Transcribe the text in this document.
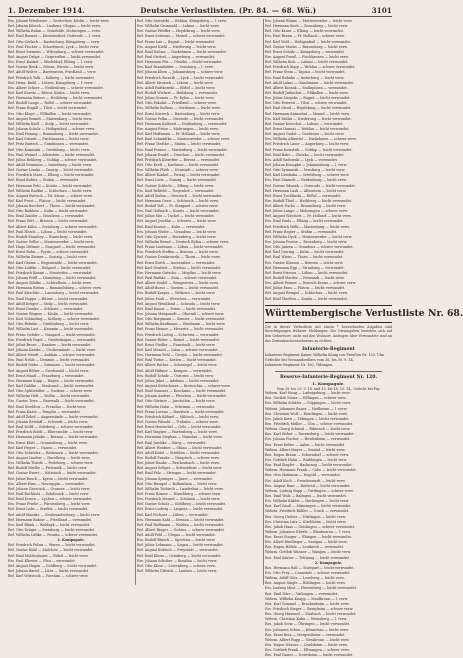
1. Dezember 1914.	Deutsche Verlustlisten. (Pr. 84. — 68. Wü.)	3101
Ers. Johann Wiesbauer — Gentschow, Köslin — leicht verw.
Ref. Johann Kürsch — Laubenz, Glogau — leicht verw.
Ref. Wilhelm Ruhm — Grünfelde, Mohrungen — verw.
Ref. Emil Riemer — Kirsteinsdorf, Osterode — l. verw.
Ref. Otto Gerlach — Rastenburg, Königsberg — verw.
Ers. Paul Fischer — Scharfenort, Lyck — leicht verw.
Ref. Ernst Siemens — Wittenburg — schwer verwundet.
Ref. August Dröge — Ostpreußen — leicht verwundet.
Ers. Ernst Kunkel — Wiefeldorf, Elbing — l. verw.
Ref. Gustav Renk — Polenz, Wirsitz — leicht verw.
Ref. Adolf Wolter — Bartenstein, Friedland — verw.
Ref. Friedrich Tolk — Kolberg — leicht verwundet.
Ref. Heinr. Biehl — Lötzen, Königsberg — l. verw.
Ers. Albert Schorr — Neidenburg — schwer verwundet.
Ref. Karl Kewitz — Bütow, Köslin — leicht verw.
Ref. Hermann Bräuer — Heilsberg — leicht verwundet.
Ref. Rudolf Lange — Rößel — schwer verwundet.
Ref. Franz Rogall — Tilsit — leicht verwundet.
Ers. Otto Kluge — Pillkallen — leicht verwundet.
Ref. August Brandt — Marienburg — leicht verw.
Ref. Wilhelm Kroll — Stolp — leicht verwundet.
Ref. Johann Schulz — Heiligenbeil — schwer verw.
Ers. Emil Hennig — Braunsberg — leicht verwundet.
Ref. Karl Gutzeit — Fischhausen — leicht verw.
Ref. Fritz Bartsch — Gumbinnen — verwundet.
Ref. Otto Kaminski — Ortelsburg — leicht verw.
Ers. Paul Wenzel — Allenstein — leicht verwundet.
Ref. Julius Rehberg — Goldap — schwer verwundet.
Ref. Adolf Neumann — Insterburg — leicht verw.
Ref. Gustav Lemke — Danzig — leicht verwundet.
Ers. Friedrich Marx — Elbing — leicht verwundet.
Ref. Ernst Kubitz — Stuhm — verwundet.
Ref. Hermann Pohl — Konitz — leicht verwundet.
Ref. Wilhelm Radtke — Schlochau — leicht verw.
Ers. August Paetsch — Dt. Krone — schwer verw.
Ref. Karl Frost — Flatow — leicht verwundet.
Ref. Johann Borchert — Thorn — leicht verwundet.
Ref. Otto Raddatz — Kulm — leicht verwundet.
Ers. Emil Zander — Graudenz — verwundet.
Ref. Franz Witt — Briesen — leicht verwundet.
Ref. Albert Kühn — Strasburg — schwer verwundet.
Ref. Paul Nitsch — Löbau — leicht verwundet.
Ers. Rudolf Manthey — Rosenberg — leicht verw.
Ref. Gustav Sellin — Marienwerder — leicht verw.
Ref. Hugo Dittmer — Stargard — leicht verwundet.
Ref. Ernst Bohn — Pyritz — schwer verwundet.
Ers. Wilhelm Ziemer — Saatzig — leicht verw.
Ref. Karl Grams — Regenwalde — leicht verwundet.
Ref. Otto Lüdtke — Belgard — leicht verwundet.
Ref. Friedrich Kanne — Neustettin — verwundet.
Ers. Johann Prüß — Dramburg — leicht verwundet.
Ref. August Zühlke — Schivelbein — leicht verw.
Ref. Hermann Ristau — Rummelsburg — schwer verw.
Ref. Paul Kirschke — Lauenburg — leicht verwundet.
Ers. Emil Hoppe — Bütow — leicht verwundet.
Ref. Adolf Krüger — Stolp — leicht verwundet.
Ref. Ernst Dumke — Schlawe — verwundet.
Ref. Gustav Wegner — Köslin — leicht verwundet.
Ers. Karl Schmeling — Kolberg — schwer verwundet.
Ref. Otto Behnke — Greifenberg — leicht verw.
Ref. Wilhelm Last — Kammin — leicht verwundet.
Ref. Franz Gehrke — Naugard — leicht verwundet.
Ers. Friedrich Pagel — Greifenhagen — verwundet.
Ref. Julius Brose — Randow — leicht verwundet.
Ref. Johann Kamke — Ueckermünde — leicht verw.
Ref. Albert Wendt — Anklam — schwer verwundet.
Ers. Paul Nehls — Demmin — leicht verwundet.
Ref. Rudolf Stübe — Grimmen — leicht verwundet.
Ref. August Bölter — Greifswald — leicht verw.
Ref. Ernst Maaß — Franzburg — verwundet.
Ers. Hermann Kopp — Rügen — leicht verwundet.
Ref. Karl Dahlke — Stralsund — leicht verwundet.
Ref. Otto Splittstößer — Usedom — schwer verw.
Ref. Wilhelm Höft — Wollin — leicht verwundet.
Ers. Gustav Tews — Pasewalk — leicht verwundet.
Ref. Emil Strehlow — Prenzlau — leicht verw.
Ref. Franz Kaatz — Templin — verwundet.
Ref. Adolf Zabel — Angermünde — leicht verwundet.
Ers. Johann Retzlaff — Schwedt — leicht verw.
Ref. Paul Wolff — Oderberg — schwer verwundet.
Ref. Friedrich Boldt — Eberswalde — leicht verw.
Ref. Hermann Jahnke — Bernau — leicht verwundet.
Ers. Ernst Klatt — Oranienburg — leicht verw.
Ref. Karl Pieper — Nauen — verwundet.
Ref. Otto Schröder — Rathenow — leicht verwundet.
Ref. August Lindow — Havelberg — leicht verw.
Ers. Wilhelm Thiede — Perleberg — schwer verw.
Ref. Rudolf Mielke — Pritzwalk — leicht verw.
Ref. Gustav Ewert — Wittstock — leicht verwundet.
Ref. Julius Rusch — Kyritz — leicht verwundet.
Ers. Albert Hinz — Neuruppin — verwundet.
Ref. Johann Gnewuch — Gransee — leicht verw.
Ref. Paul Buchholz — Zehdenick — leicht verw.
Ref. Emil Dorow — Lychen — schwer verwundet.
Ers. Franz Priebe — Fürstenberg — leicht verw.
Ref. Ernst Labs — Strelitz — leicht verwundet.
Ref. Adolf Manzke — Neubrandenburg — leicht verw.
Ref. Hermann Rakow — Friedland — verwundet.
Ers. Karl Blank — Woldegk — leicht verwundet.
Ref. Otto Dräger — Strasburg — leicht verwundet.
Ref. Wilhelm Lübke — Penzlin — schwer verwundet.
3. Kompagnie.
Ref. Friedrich Polzin — Waren — leicht verwundet.
Ref. Gustav Kühl — Malchow — leicht verwundet.
Ref. Emil Moldenhauer — Röbel — leicht verw.
Ers. Paul Kliewer — Plau — verwundet.
Ref. August Hagen — Goldberg — leicht verwundet.
Ref. Johann Bartel — Lübz — leicht verwundet.
Ref. Karl Wittstock — Parchim — schwer verw.
Ref. Otto Sawatzki — Wehlau, Königsberg — l. verw.
Ers. Wilhelm Grunwald — Labiau — leicht verw.
Ref. Gustav Pfeiffer — Heydekrug — leicht verw.
Ref. Ernst Schwarz — Memel — schwer verwundet.
Ref. Franz Lau — Ragnit — leicht verwundet.
Ers. August Kiehl — Niederung — leicht verw.
Ref. Emil Dahms — Darkehmen — leicht verwundet.
Ref. Paul Stritzel — Angerburg — verwundet.
Ref. Hermann Pilz — Oletzko — leicht verwundet.
Ers. Karl Brandstäter — Sensburg — l. verw.
Ref. Johann Klein — Johannisburg — schwer verw.
Ref. Friedrich Zerrath — Lyck — leicht verwundet.
Ref. Albert Mrotzek — Lötzen — leicht verw.
Ers. Adolf Ruttkowski — Rößel — leicht verw.
Ref. Rudolf Wichert — Heilsberg — verwundet.
Ref. Julius Gronau — Pr. Eylau — leicht verw.
Ref. Otto Pakulat — Friedland — schwer verw.
Ers. Wilhelm Ballnus — Gerdauen — leicht verw.
Ref. Ernst Kurreck — Rastenburg — leicht verw.
Ref. Gustav Pelka — Osterode — leicht verwundet.
Ref. Hermann Kallweit — Neidenburg — verwundet.
Ers. August Fröse — Mohrungen — leicht verw.
Ref. Karl Hoffmann — Pr. Holland — leicht verw.
Ref. Paul Schmidtke — Marienwerder — schwer verw.
Ref. Franz Tiedtke — Stuhm — leicht verwundet.
Ers. Emil Penner — Marienburg — leicht verwundet.
Ref. Johann Ewald — Dirschau — leicht verwundet.
Ref. Friedrich Klawitter — Berent — verwundet.
Ref. Otto Kreft — Karthaus — leicht verwundet.
Ers. Wilhelm Plath — Neustadt — schwer verw.
Ref. Albert Konkel — Putzig — leicht verwundet.
Ref. Ernst Lietz — Danzig — leicht verwundet.
Ref. Gustav Schlicht — Elbing — leicht verw.
Ers. Karl Rehfeld — Tiegenhof — verwundet.
Ref. Adolf Ziehm — Neuteich — leicht verwundet.
Ref. Hermann Graw — Schöneck — leicht verw.
Ref. Rudolf Voß — Pr. Stargard — schwer verw.
Ers. Paul Gollnick — Konitz — leicht verwundet.
Ref. Julius Mix — Tuchel — leicht verwundet.
Ref. August Jeschke — Schwetz — leicht verw.
Ref. Emil Krause — Kulm — verwundet.
Ers. Johann Wiebe — Graudenz — leicht verw.
Ref. Otto Zywietz — Rosenberg — leicht verw.
Ref. Wilhelm Bernd — Deutsch Eylau — schwer verw.
Ref. Franz Lindenau — Löbau — leicht verwundet.
Ers. Friedrich Steffen — Briesen — leicht verw.
Ref. Gustav Dombrowski — Thorn — leicht verw.
Ref. Ernst Korth — Inowrazlaw — verwundet.
Ref. Karl Neubert — Strelno — leicht verwundet.
Ers. Hermann Gutsche — Mogilno — leicht verw.
Ref. Paul Rathke — Znin — schwer verwundet.
Ref. Albert Seidel — Wongrowitz — leicht verw.
Ref. Adolf Busse — Gnesen — leicht verwundet.
Ers. Rudolf Kasper — Witkowo — leicht verw.
Ref. Julius Pauli — Wreschen — verwundet.
Ref. August Wendland — Schroda — leicht verw.
Ref. Emil Kaiser — Posen — leicht verwundet.
Ers. Johann Marquardt — Obornik — schwer verw.
Ref. Otto Bergmann — Samter — leicht verwundet.
Ref. Wilhelm Kaufmann — Birnbaum — leicht verw.
Ref. Franz Heinze — Meseritz — leicht verwundet.
Ers. Friedrich Liebig — Schwerin — verwundet.
Ref. Gustav Ritter — Bomst — leicht verwundet.
Ref. Ernst Fiedler — Fraustadt — leicht verw.
Ref. Karl Menzel — Lissa — schwer verwundet.
Ers. Hermann Pohl — Gostyn — leicht verwundet.
Ref. Paul Tietze — Kosten — leicht verwundet.
Ref. Albert Rother — Schmiegel — leicht verw.
Ref. Adolf Hübner — Kempen — verwundet.
Ers. Rudolf Scholz — Ostrowo — leicht verw.
Ref. Julius Jäkel — Adelnau — leicht verwundet.
Ref. August Kretschmer — Krotoschin — schwer verw.
Ref. Emil Sommer — Koschmin — leicht verwundet.
Ers. Johann Anders — Pleschen — leicht verwundet.
Ref. Otto Gärtner — Jarotschin — leicht verw.
Ref. Wilhelm Hahn — Schrimm — verwundet.
Ref. Franz Lorenz — Rawitsch — leicht verwundet.
Ers. Friedrich Kühnel — Militsch — leicht verw.
Ref. Gustav Pätzold — Trebnitz — schwer verw.
Ref. Ernst Hentschel — Oels — leicht verwundet.
Ref. Karl Wagner — Wartenberg — leicht verw.
Ers. Hermann Stephan — Namslau — leicht verw.
Ref. Paul Jaschke — Brieg — verwundet.
Ref. Albert Weidner — Ohlau — leicht verwundet.
Ref. Adolf Kittel — Strehlen — leicht verwundet.
Ers. Rudolf Franke — Nimptsch — schwer verw.
Ref. Julius Hanke — Reichenbach — leicht verw.
Ref. August Seliger — Schweidnitz — leicht verw.
Ref. Emil Pelz — Striegau — leicht verwundet.
Ers. Johann Springer — Jauer — verwundet.
Ref. Otto Hampel — Bolkenhain — leicht verw.
Ref. Wilhelm Tschirch — Landeshut — leicht verw.
Ref. Franz Rösner — Hirschberg — schwer verw.
Ers. Friedrich Menzel — Schönau — leicht verw.
Ref. Gustav Scholz — Goldberg — leicht verwundet.
Ref. Ernst Ludwig — Liegnitz — leicht verwundet.
Ref. Karl Fechner — Lüben — verwundet.
Ers. Hermann Kahl — Steinau — leicht verwundet.
Ref. Paul Hoffmann — Wohlau — leicht verwundet.
Ref. Albert Rieger — Guhrau — schwer verwundet.
Ref. Adolf Pohl — Glogau — leicht verwundet.
Ers. Rudolf Bärsch — Sprottau — leicht verw.
Ref. Julius Lehmann — Sagan — leicht verwundet.
Ref. August Kubisch — Freystadt — verwundet.
Ref. Emil Kliem — Grünberg — leicht verwundet.
Ers. Johann Schober — Bunzlau — leicht verw.
Ref. Otto Klose — Löwenberg — schwer verw.
Ref. Wilhelm Dittrich — Lauban — leicht verw.
Ers. Johann Blume — Marienwerder — leicht verw.
Ref. Hermann Koch — Rosenberg — leicht verw.
Ref. Otto Kruse — Elbing — leicht verwundet.
Ers. Paul Braun — Pr. Holland — schwer verw.
Ref. Karl Wolf — Heiligenbeil — leicht verwundet.
Ref. Gustav Marks — Braunsberg — leicht verw.
Ref. Ernst Schulz — Königsberg — verwundet.
Ers. August Preuß — Fischhausen — leicht verw.
Ref. Wilhelm Bolz — Labiau — leicht verwundet.
Ref. Friedrich Kopp — Wehlau — schwer verwundet.
Ref. Franz Stein — Tapiau — leicht verwundet.
Ers. Emil Ruhnke — Insterburg — leicht verw.
Ref. Adolf Lukat — Gumbinnen — leicht verwundet.
Ref. Albert Kossak — Stallupönen — verwundet.
Ref. Rudolf Jurkschat — Pillkallen — leicht verw.
Ers. Julius Naujoks — Ragnit — leicht verwundet.
Ref. Otto Petereit — Tilsit — schwer verwundet.
Ref. Paul Girod — Heydekrug — leicht verwundet.
Ref. Hermann Szameitat — Memel — leicht verw.
Ers. Karl Wallat — Niederung — leicht verwundet.
Ref. Gustav Kurschat — Labiau — verwundet.
Ref. Ernst Dannat — Wehlau — leicht verwundet.
Ref. August Gudat — Gerdauen — leicht verw.
Ers. Wilhelm Albrecht — Darkehmen — schwer verw.
Ref. Friedrich Laser — Angerburg — leicht verw.
Ref. Franz Kowalzik — Goldap — leicht verwundet.
Ref. Emil Bahr — Oletzko — leicht verwundet.
Ers. Adolf Sadowski — Lyck — verwundet.
Ref. Johann Konopka — Johannisburg — l. verw.
Ref. Otto Symanzik — Sensburg — leicht verw.
Ref. Karl Dziobaka — Ortelsburg — schwer verw.
Ers. Paul Zimmek — Neidenburg — leicht verw.
Ref. Gustav Sdunek — Osterode — leicht verwundet.
Ref. Hermann Lask — Allenstein — leicht verw.
Ref. Ernst Tuchlinski — Rößel — verwundet.
Ers. Rudolf Thiel — Heilsberg — leicht verwundet.
Ref. Albert Fuchs — Braunsberg — leicht verw.
Ref. Julius Lange — Mohrungen — schwer verw.
Ref. August Wiechert — Pr. Holland — leicht verw.
Ers. Emil Pauls — Elbing — leicht verwundet.
Ref. Friedrich Wölk — Marienburg — leicht verw.
Ref. Franz Regier — Stuhm — verwundet.
Ref. Wilhelm Dyck — Marienwerder — leicht verw.
Ers. Johann Froese — Rosenberg — leicht verw.
Ref. Otto Janzen — Graudenz — schwer verwundet.
Ref. Karl Quiring — Kulm — leicht verwundet.
Ref. Paul Wiens — Thorn — leicht verwundet.
Ers. Gustav Klassen — Briesen — leicht verw.
Ref. Hermann Epp — Strasburg — verwundet.
Ref. Ernst Friesen — Löbau — leicht verwundet.
Ref. Rudolf Harder — Neumark — leicht verw.
Ers. Albert Penner — Deutsch Krone — schwer verw.
Ref. Julius Enns — Flatow — leicht verwundet.
Ref. August Rempel — Schlochau — leicht verw.
Ref. Emil Thießen — Konitz — leicht verwundet.
Württembergische Verlustliste Nr. 68.
Die in dieser Verlustliste mit einem * bezeichneten Angaben sind Berichtigungen früherer Meldungen. Die Ortsangaben beziehen sich auf den Geburtsort, nicht auf den Wohnort. Anfragen über Verwundete sind an das Zentralnachweisebureau zu richten.
Infanterie-Regiment
Infanterie-Regiment Kaiser Wilhelm König von Preußen Nr. 120, Ulm.
Gefechte bei Vermandovillers vom 26. bis 30. 9. 14.
Infanterie-Regiment Nr. 180, Tübingen.
Reserve-Infanterie-Regiment Nr. 120.
1. Kompagnie.
Vom 28. bis 29. 9. 14. und 15. bis 18. 10. 14., Gefecht bei Fay.
Wehrm. Karl Haug — Ludwigsburg — leicht verw.
Res. Gottlob Maier — Eßlingen — schwer verw.
Ers. Wilhelm Schäfer — Göppingen — leicht verw.
Wehrm. Johannes Bauer — Heilbronn — l. verw.
Res. Christian Wolf — Reutlingen — leicht verw.
Ers. Jakob Kern — Tübingen — leicht verwundet.
Res. Friedrich Müller — Ulm — schwer verwundet.
Wehrm. Georg Schmid — Biberach — leicht verw.
Res. Karl Weber — Ravensburg — leicht verwundet.
Ers. Johann Fischer — Heidenheim — verwundet.
Res. Ernst Keller — Aalen — leicht verwundet.
Wehrm. Albert Mayer — Gmünd — leicht verw.
Res. Eugen Braun — Schorndorf — schwer verw.
Ers. Gottlieb Hahn — Waiblingen — leicht verw.
Res. Paul Ziegler — Backnang — leicht verwundet.
Wehrm. Hermann Frank — Calw — leicht verwundet.
Res. Otto Hofmann — Nagold — verwundet.
Ers. Adolf Koch — Freudenstadt — leicht verw.
Res. August Baur — Rottweil — leicht verwundet.
Wehrm. Ludwig Rapp — Tuttlingen — schwer verw.
Res. Emil Walz — Balingen — leicht verwundet.
Ers. Wilhelm Kübler — Hechingen — leicht verw.
Res. Karl Gauß — Münsingen — leicht verwundet.
Wehrm. Friedrich Bühler — Urach — verwundet.
Res. Georg Dreher — Nürtingen — leicht verw.
Ers. Christian Lutz — Kirchheim — leicht verw.
Res. Jakob Haas — Geislingen — schwer verwundet.
Wehrm. Johannes Eberle — Blaubeuren — l. verw.
Res. Ernst Staiger — Ehingen — leicht verwundet.
Ers. Albert Riedlinger — Saulgau — leicht verw.
Res. Eugen Häfele — Leutkirch — verwundet.
Wehrm. Gottlob Wanner — Wangen — leicht verw.
Res. Paul Sauter — Tettnang — leicht verwundet.
2. Kompagnie.
Res. Hermann Rall — Stuttgart — leicht verwundet.
Ers. Otto Frey — Cannstatt — schwer verwundet.
Wehrm. Adolf Götz — Leonberg — leicht verw.
Res. August Single — Böblingen — leicht verw.
Ers. Ludwig Mast — Herrenberg — leicht verwundet.
Res. Emil Dürr — Vaihingen — verwundet.
Wehrm. Wilhelm Knapp — Maulbronn — l. verw.
Res. Karl Gommel — Brackenheim — leicht verw.
Ers. Friedrich Rieger — Besigheim — schwer verw.
Res. Georg Hummel — Marbach — leicht verwundet.
Wehrm. Christian Kuhn — Weinsberg — l. verw.
Res. Jakob Seitz — Öhringen — leicht verwundet.
Ers. Johannes Scheu — Künzelsau — leicht verw.
Res. Ernst Betz — Mergentheim — verwundet.
Wehrm. Albert Rupp — Gerabronn — leicht verw.
Res. Eugen Wörner — Crailsheim — leicht verw.
Ers. Gottlieb Frank — Ellwangen — schwer verw.
Res. Paul Gaiser — Neresheim — leicht verwundet.
